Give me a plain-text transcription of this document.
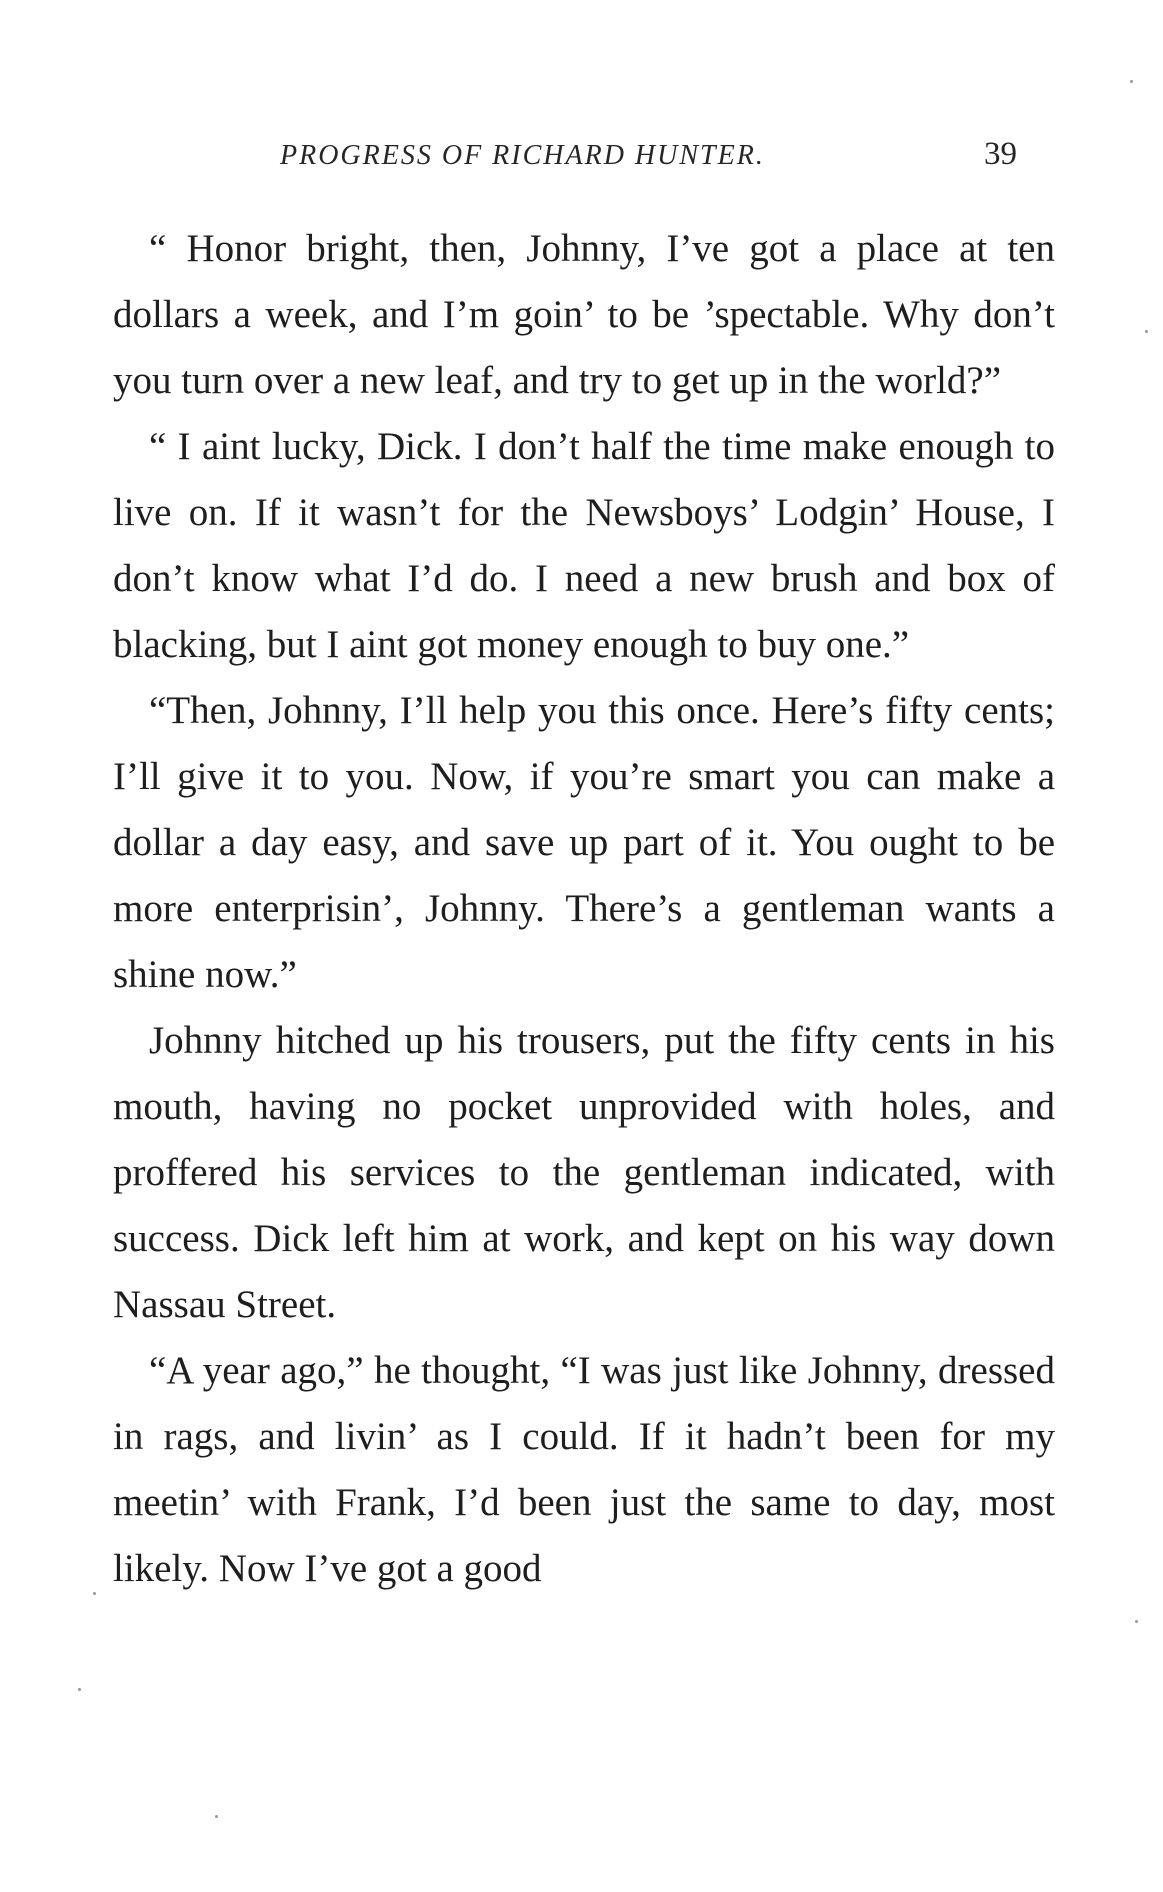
PROGRESS OF RICHARD HUNTER.	39

“ Honor bright, then, Johnny, I’ve got a place at ten dollars a week, and I’m goin’ to be ’spectable. Why don’t you turn over a new leaf, and try to get up in the world?”

“ I aint lucky, Dick. I don’t half the time make enough to live on. If it wasn’t for the Newsboys’ Lodgin’ House, I don’t know what I’d do. I need a new brush and box of blacking, but I aint got money enough to buy one.”

“Then, Johnny, I’ll help you this once. Here’s fifty cents; I’ll give it to you. Now, if you’re smart you can make a dollar a day easy, and save up part of it. You ought to be more enterprisin’, Johnny. There’s a gentleman wants a shine now.”

Johnny hitched up his trousers, put the fifty cents in his mouth, having no pocket unprovided with holes, and proffered his services to the gentleman indicated, with success. Dick left him at work, and kept on his way down Nassau Street.

“A year ago,” he thought, “I was just like Johnny, dressed in rags, and livin’ as I could. If it hadn’t been for my meetin’ with Frank, I’d been just the same to day, most likely. Now I’ve got a good
